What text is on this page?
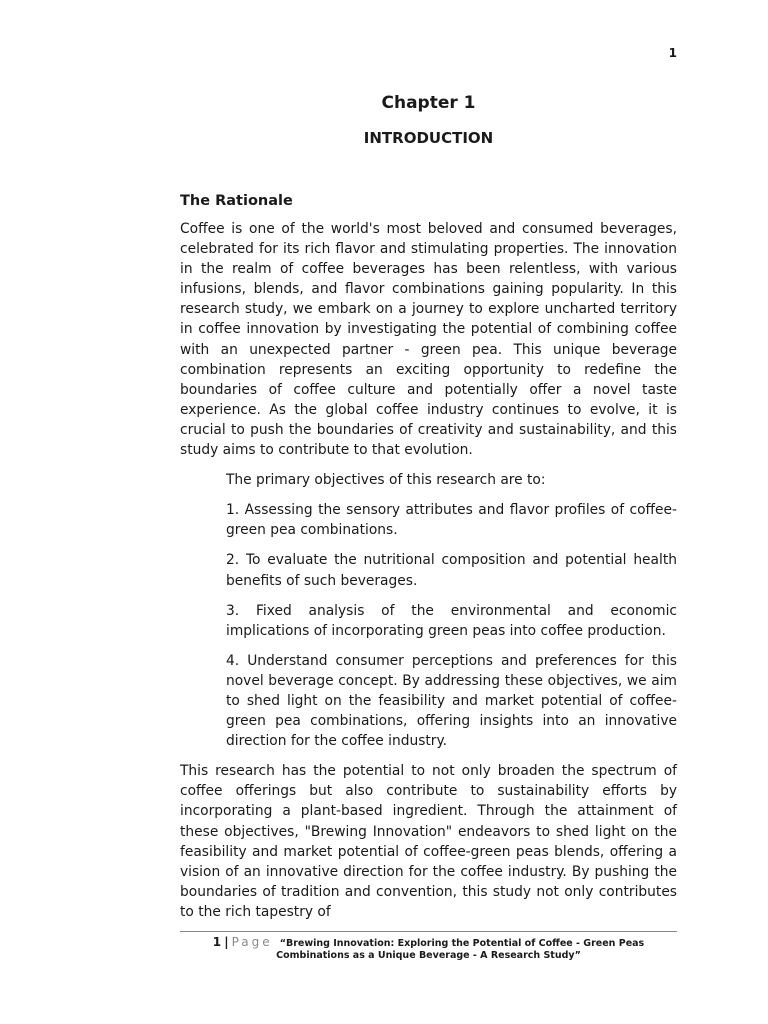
1
Chapter 1
INTRODUCTION
The Rationale

Coffee is one of the world's most beloved and consumed beverages, celebrated for its rich flavor and stimulating properties. The innovation in the realm of coffee beverages has been relentless, with various infusions, blends, and flavor combinations gaining popularity. In this research study, we embark on a journey to explore uncharted territory in coffee innovation by investigating the potential of combining coffee with an unexpected partner - green pea. This unique beverage combination represents an exciting opportunity to redefine the boundaries of coffee culture and potentially offer a novel taste experience. As the global coffee industry continues to evolve, it is crucial to push the boundaries of creativity and sustainability, and this study aims to contribute to that evolution.

The primary objectives of this research are to:

1. Assessing the sensory attributes and flavor profiles of coffee-green pea combinations.

2. To evaluate the nutritional composition and potential health benefits of such beverages.

3. Fixed analysis of the environmental and economic implications of incorporating green peas into coffee production.

4. Understand consumer perceptions and preferences for this novel beverage concept. By addressing these objectives, we aim to shed light on the feasibility and market potential of coffee-green pea combinations, offering insights into an innovative direction for the coffee industry.

This research has the potential to not only broaden the spectrum of coffee offerings but also contribute to sustainability efforts by incorporating a plant-based ingredient. Through the attainment of these objectives, "Brewing Innovation" endeavors to shed light on the feasibility and market potential of coffee-green peas blends, offering a vision of an innovative direction for the coffee industry. By pushing the boundaries of tradition and convention, this study not only contributes to the rich tapestry of

1 | Page “Brewing Innovation: Exploring the Potential of Coffee - Green Peas Combinations as a Unique Beverage - A Research Study”
